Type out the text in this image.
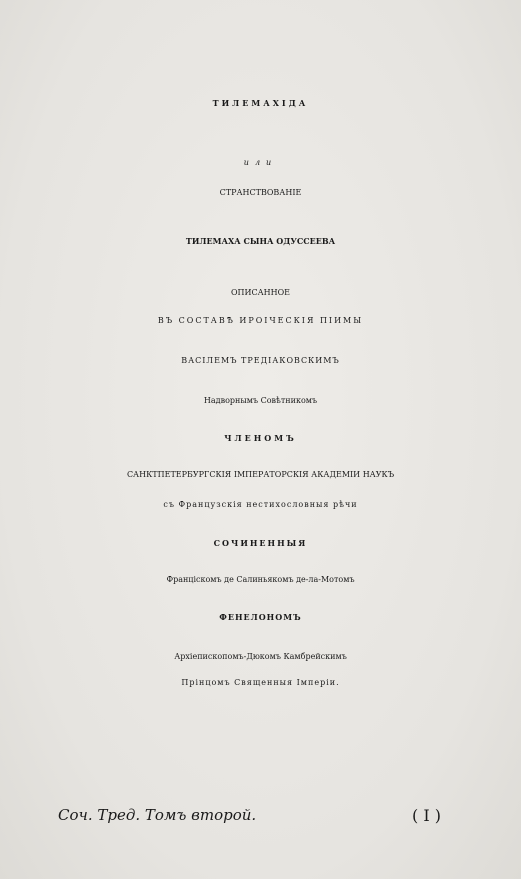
ТИЛЕМАХІДА
или
СТРАНСТВОВАНІЕ
ТИЛЕМАХА СЫНА ОДУССЕЕВА
ОПИСАННОЕ
ВЪ СОСТАВѢ ИРОІЧЕСКІЯ ПІИМЫ
ВАСІЛЕМЪ ТРЕДІАКОВСКИМЪ
Надворнымъ Совѣтникомъ
ЧЛЕНОМЪ
САНКТПЕТЕРБУРГСКІЯ ІМПЕРАТОРСКІЯ АКАДЕМІИ НАУКЪ
съ Французскія нестихословныя рѣчи
СОЧИНЕННЫЯ
Францiскомъ де Салиньякомъ де-ла-Мотомъ
ФЕНЕЛОНОМЪ
Архiепископомъ-Дюкомъ Камбрейскимъ
Прінцомъ Священныя Імперіи.
Соч. Тред. Томъ второй.	( I )
